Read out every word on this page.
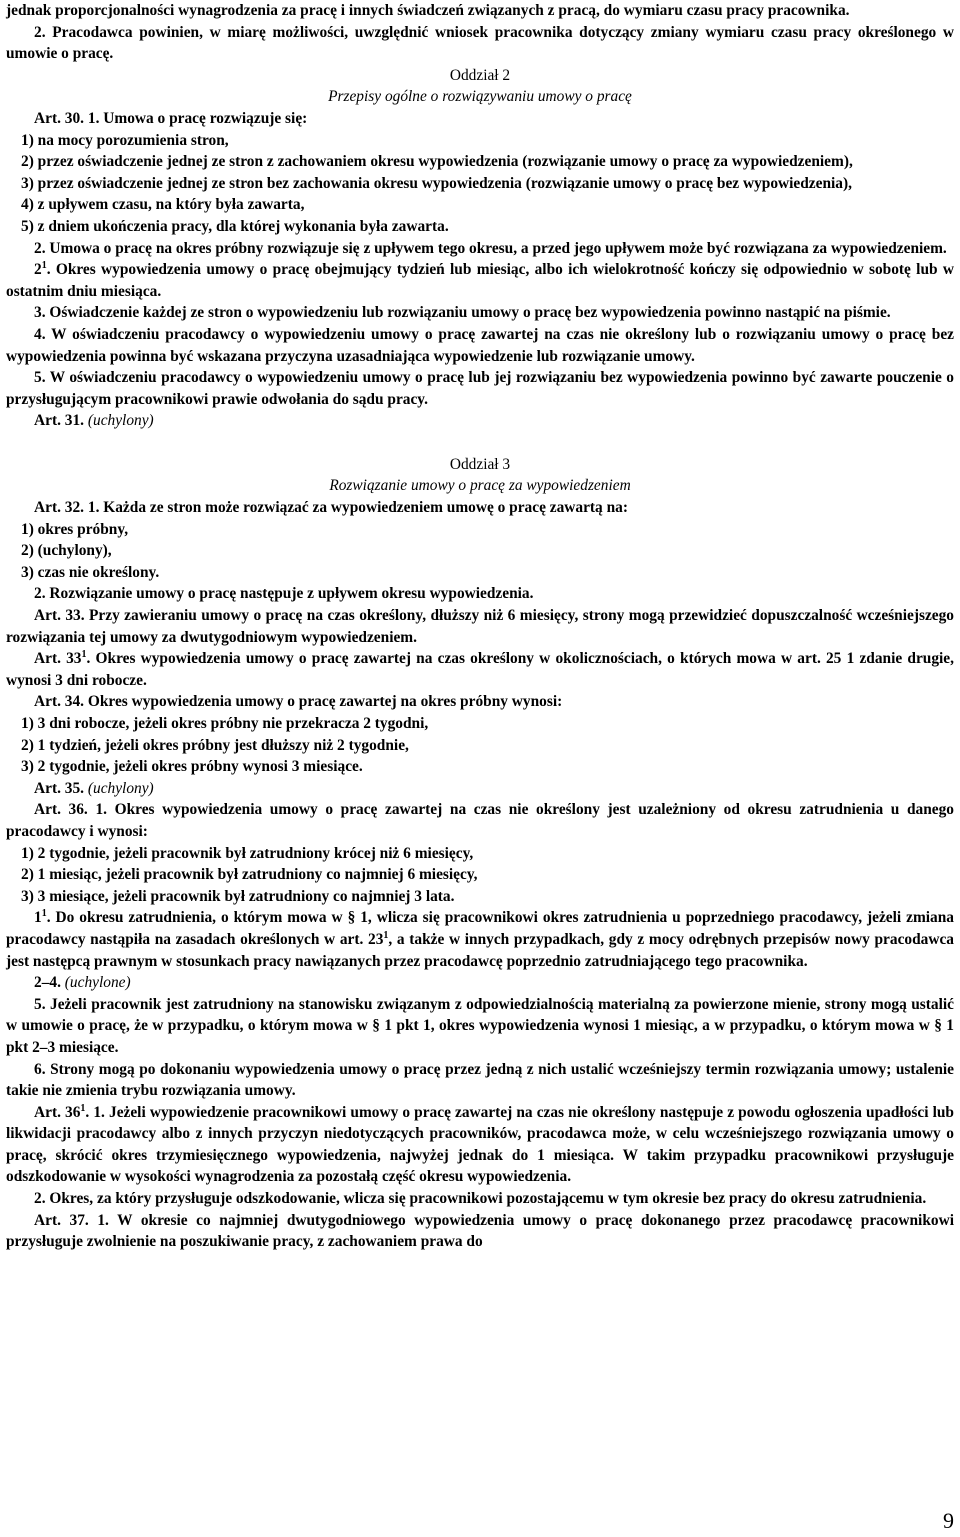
jednak proporcjonalności wynagrodzenia za pracę i innych świadczeń związanych z pracą, do wymiaru czasu pracy pracownika.

2. Pracodawca powinien, w miarę możliwości, uwzględnić wniosek pracownika dotyczący zmiany wymiaru czasu pracy określonego w umowie o pracę.

Oddział 2

Przepisy ogólne o rozwiązywaniu umowy o pracę

Art. 30. 1. Umowa o pracę rozwiązuje się:

1) na mocy porozumienia stron,

2) przez oświadczenie jednej ze stron z zachowaniem okresu wypowiedzenia (rozwiązanie umowy o pracę za wypowiedzeniem),

3) przez oświadczenie jednej ze stron bez zachowania okresu wypowiedzenia (rozwiązanie umowy o pracę bez wypowiedzenia),

4) z upływem czasu, na który była zawarta,

5) z dniem ukończenia pracy, dla której wykonania była zawarta.

2. Umowa o pracę na okres próbny rozwiązuje się z upływem tego okresu, a przed jego upływem może być rozwiązana za wypowiedzeniem.

$2^1$. Okres wypowiedzenia umowy o pracę obejmujący tydzień lub miesiąc, albo ich wielokrotność kończy się odpowiednio w sobotę lub w ostatnim dniu miesiąca.

3. Oświadczenie każdej ze stron o wypowiedzeniu lub rozwiązaniu umowy o pracę bez wypowiedzenia powinno nastąpić na piśmie.

4. W oświadczeniu pracodawcy o wypowiedzeniu umowy o pracę zawartej na czas nie określony lub o rozwiązaniu umowy o pracę bez wypowiedzenia powinna być wskazana przyczyna uzasadniająca wypowiedzenie lub rozwiązanie umowy.

5. W oświadczeniu pracodawcy o wypowiedzeniu umowy o pracę lub jej rozwiązaniu bez wypowiedzenia powinno być zawarte pouczenie o przysługującym pracownikowi prawie odwołania do sądu pracy.

Art. 31. (uchylony)

Oddział 3

Rozwiązanie umowy o pracę za wypowiedzeniem

Art. 32. 1. Każda ze stron może rozwiązać za wypowiedzeniem umowę o pracę zawartą na:

1) okres próbny,

2) (uchylony),

3) czas nie określony.

2. Rozwiązanie umowy o pracę następuje z upływem okresu wypowiedzenia.

Art. 33. Przy zawieraniu umowy o pracę na czas określony, dłuższy niż 6 miesięcy, strony mogą przewidzieć dopuszczalność wcześniejszego rozwiązania tej umowy za dwutygodniowym wypowiedzeniem.

Art. $33^1$. Okres wypowiedzenia umowy o pracę zawartej na czas określony w okolicznościach, o których mowa w art. 25 1 zdanie drugie, wynosi 3 dni robocze.

Art. 34. Okres wypowiedzenia umowy o pracę zawartej na okres próbny wynosi:

1) 3 dni robocze, jeżeli okres próbny nie przekracza 2 tygodni,

2) 1 tydzień, jeżeli okres próbny jest dłuższy niż 2 tygodnie,

3) 2 tygodnie, jeżeli okres próbny wynosi 3 miesiące.

Art. 35. (uchylony)

Art. 36. 1. Okres wypowiedzenia umowy o pracę zawartej na czas nie określony jest uzależniony od okresu zatrudnienia u danego pracodawcy i wynosi:

1) 2 tygodnie, jeżeli pracownik był zatrudniony krócej niż 6 miesięcy,

2) 1 miesiąc, jeżeli pracownik był zatrudniony co najmniej 6 miesięcy,

3) 3 miesiące, jeżeli pracownik był zatrudniony co najmniej 3 lata.

$1^1$. Do okresu zatrudnienia, o którym mowa w § 1, wlicza się pracownikowi okres zatrudnienia u poprzedniego pracodawcy, jeżeli zmiana pracodawcy nastąpiła na zasadach określonych w art. $23^1$, a także w innych przypadkach, gdy z mocy odrębnych przepisów nowy pracodawca jest następcą prawnym w stosunkach pracy nawiązanych przez pracodawcę poprzednio zatrudniającego tego pracownika.

2–4. (uchylone)

5. Jeżeli pracownik jest zatrudniony na stanowisku związanym z odpowiedzialnością materialną za powierzone mienie, strony mogą ustalić w umowie o pracę, że w przypadku, o którym mowa w § 1 pkt 1, okres wypowiedzenia wynosi 1 miesiąc, a w przypadku, o którym mowa w § 1 pkt 2–3 miesiące.

6. Strony mogą po dokonaniu wypowiedzenia umowy o pracę przez jedną z nich ustalić wcześniejszy termin rozwiązania umowy; ustalenie takie nie zmienia trybu rozwiązania umowy.

Art. $36^1$. 1. Jeżeli wypowiedzenie pracownikowi umowy o pracę zawartej na czas nie określony następuje z powodu ogłoszenia upadłości lub likwidacji pracodawcy albo z innych przyczyn niedotyczących pracowników, pracodawca może, w celu wcześniejszego rozwiązania umowy o pracę, skrócić okres trzymiesięcznego wypowiedzenia, najwyżej jednak do 1 miesiąca. W takim przypadku pracownikowi przysługuje odszkodowanie w wysokości wynagrodzenia za pozostałą część okresu wypowiedzenia.

2. Okres, za który przysługuje odszkodowanie, wlicza się pracownikowi pozostającemu w tym okresie bez pracy do okresu zatrudnienia.

Art. 37. 1. W okresie co najmniej dwutygodniowego wypowiedzenia umowy o pracę dokonanego przez pracodawcę pracownikowi przysługuje zwolnienie na poszukiwanie pracy, z zachowaniem prawa do

9
